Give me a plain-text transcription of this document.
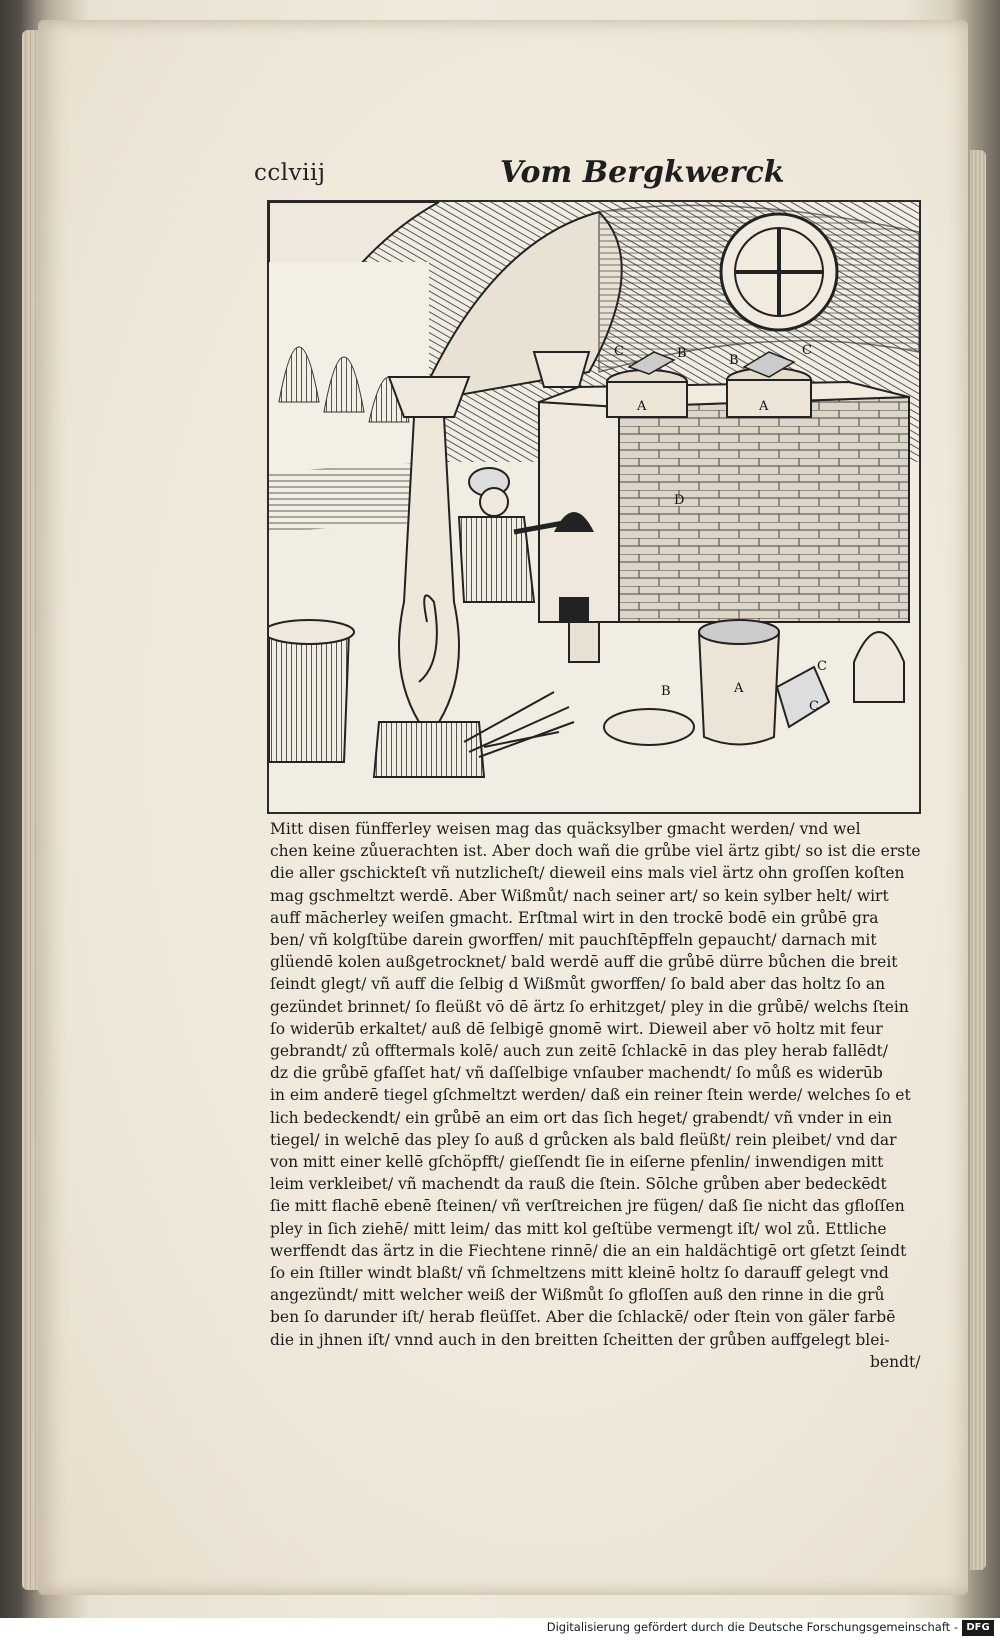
cclviij	Vom Bergkwerck
A	A
A
B	B
B
C	C
C
C
D
Mitt disen fünfferley weisen mag das quäcksylber gmacht werden/ vnd wel
chen keine zůuerachten ist. Aber doch wañ die grůbe viel ärtz gibt/ so ist die erste
die aller gschickteſt vñ nutzlicheſt/ dieweil eins mals viel ärtz ohn groſſen koſten
mag gschmeltzt werdē. Aber Wißmůt/ nach seiner art/ so kein sylber helt/ wirt
auff mācherley weiſen gmacht. Erſtmal wirt in den trockē bodē ein grůbē gra
ben/ vñ kolgſtübe darein gworffen/ mit pauchſtēpffeln gepaucht/ darnach mit
glüendē kolen außgetrocknet/ bald werdē auff die grůbē dürre bůchen die breit
ſeindt glegt/ vñ auff die ſelbig d Wißmůt gworffen/ ſo bald aber das holtz ſo an
gezündet brinnet/ ſo fleüßt vō dē ärtz ſo erhitzget/ pley in die grůbē/ welchs ſtein
ſo widerūb erkaltet/ auß dē ſelbigē gnomē wirt. Dieweil aber vō holtz mit feur
gebrandt/ zů offtermals kolē/ auch zun zeitē ſchlackē in das pley herab fallēdt/
dz die grůbē gfaſſet hat/ vñ daſſelbige vnſauber machendt/ ſo můß es widerūb
in eim anderē tiegel gſchmeltzt werden/ daß ein reiner ſtein werde/ welches ſo et
lich bedeckendt/ ein grůbē an eim ort das ſich heget/ grabendt/ vñ vnder in ein
tiegel/ in welchē das pley ſo auß d grůcken als bald fleüßt/ rein pleibet/ vnd dar
von mitt einer kellē gſchöpfft/ gieſſendt ſie in eiſerne pfenlin/ inwendigen mitt
leim verkleibet/ vñ machendt da rauß die ſtein. Sōlche grůben aber bedeckēdt
ſie mitt flachē ebenē ſteinen/ vñ verſtreichen jre fügen/ daß ſie nicht das gfloſſen
pley in ſich ziehē/ mitt leim/ das mitt kol geſtübe vermengt iſt/ wol zů. Ettliche
werffendt das ärtz in die Fiechtene rinnē/ die an ein haldächtigē ort gſetzt ſeindt
ſo ein ſtiller windt blaßt/ vñ ſchmeltzens mitt kleinē holtz ſo darauff gelegt vnd
angezündt/ mitt welcher weiß der Wißmůt ſo gfloſſen auß den rinne in die grů
ben ſo darunder iſt/ herab fleüſſet. Aber die ſchlackē/ oder ſtein von gäler farbē
die in jhnen iſt/ vnnd auch in den breitten ſcheitten der grůben auffgelegt blei-
bendt/
Digitalisierung gefördert durch die Deutsche Forschungsgemeinschaft - DFG
